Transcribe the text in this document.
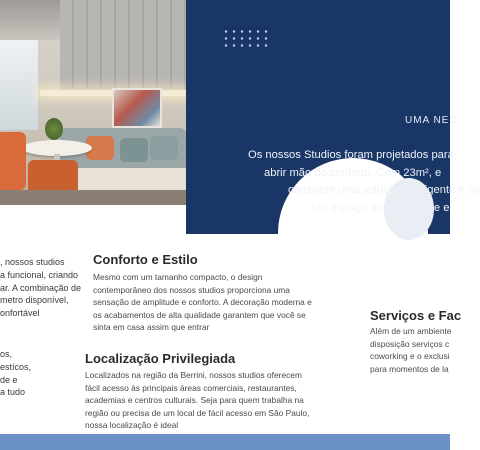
UMA NEC
Os nossos Studios foram projetados para
abrir mão do conforto. Com 23m², e
oferecem uma solução inteligente e co
um espaço aconchegante e
, nossos studios
a funcional, criando
ar. A combinação de
metro disponível,
onfortável
os,
estícos,
de e
a tudo
Conforto e Estilo
Mesmo com um tamanho compacto, o design
contemporâneo dos nossos studios proporciona uma
sensação de amplitude e conforto. A decoração moderna e
os acabamentos de alta qualidade garantem que você se
sinta em casa assim que entrar
Localização Privilegiada
Localizados na região da Berrini, nossos studios oferecem
fácil acesso às principais áreas comerciais, restaurantes,
academias e centros culturais. Seja para quem trabalha na
região ou precisa de um local de fácil acesso em São Paulo,
nossa localização é ideal
Serviços e Fac
Além de um ambiente
disposição serviços c
coworking e o exclusi
para momentos de la
